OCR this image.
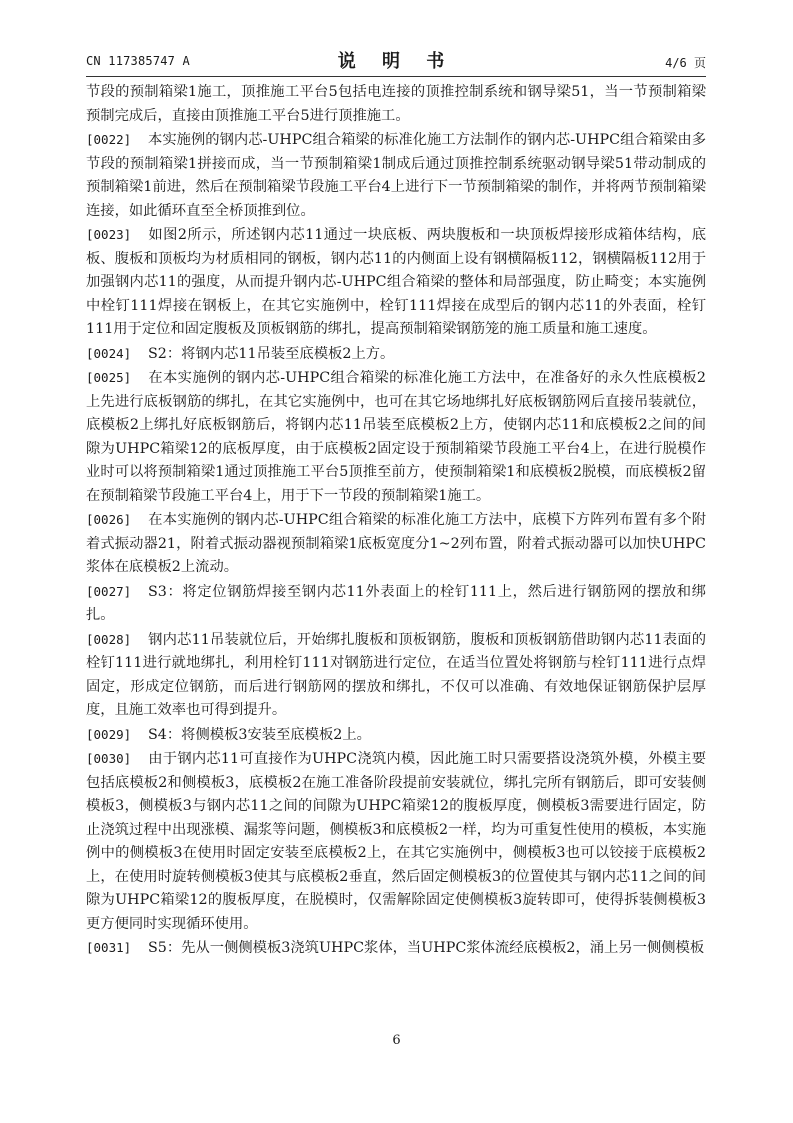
CN 117385747 A	说 明 书	4/6 页

节段的预制箱梁1施工，顶推施工平台5包括电连接的顶推控制系统和钢导梁51，当一节预制箱梁预制完成后，直接由顶推施工平台5进行顶推施工。

[0022] 本实施例的钢内芯-UHPC组合箱梁的标准化施工方法制作的钢内芯-UHPC组合箱梁由多节段的预制箱梁1拼接而成，当一节预制箱梁1制成后通过顶推控制系统驱动钢导梁51带动制成的预制箱梁1前进，然后在预制箱梁节段施工平台4上进行下一节预制箱梁的制作，并将两节预制箱梁连接，如此循环直至全桥顶推到位。

[0023] 如图2所示，所述钢内芯11通过一块底板、两块腹板和一块顶板焊接形成箱体结构，底板、腹板和顶板均为材质相同的钢板，钢内芯11的内侧面上设有钢横隔板112，钢横隔板112用于加强钢内芯11的强度，从而提升钢内芯-UHPC组合箱梁的整体和局部强度，防止畸变；本实施例中栓钉111焊接在钢板上，在其它实施例中，栓钉111焊接在成型后的钢内芯11的外表面，栓钉111用于定位和固定腹板及顶板钢筋的绑扎，提高预制箱梁钢筋笼的施工质量和施工速度。

[0024] S2：将钢内芯11吊装至底模板2上方。

[0025] 在本实施例的钢内芯-UHPC组合箱梁的标准化施工方法中，在准备好的永久性底模板2上先进行底板钢筋的绑扎，在其它实施例中，也可在其它场地绑扎好底板钢筋网后直接吊装就位，底模板2上绑扎好底板钢筋后，将钢内芯11吊装至底模板2上方，使钢内芯11和底模板2之间的间隙为UHPC箱梁12的底板厚度，由于底模板2固定设于预制箱梁节段施工平台4上，在进行脱模作业时可以将预制箱梁1通过顶推施工平台5顶推至前方，使预制箱梁1和底模板2脱模，而底模板2留在预制箱梁节段施工平台4上，用于下一节段的预制箱梁1施工。

[0026] 在本实施例的钢内芯-UHPC组合箱梁的标准化施工方法中，底模下方阵列布置有多个附着式振动器21，附着式振动器视预制箱梁1底板宽度分1~2列布置，附着式振动器可以加快UHPC浆体在底模板2上流动。

[0027] S3：将定位钢筋焊接至钢内芯11外表面上的栓钉111上，然后进行钢筋网的摆放和绑扎。

[0028] 钢内芯11吊装就位后，开始绑扎腹板和顶板钢筋，腹板和顶板钢筋借助钢内芯11表面的栓钉111进行就地绑扎，利用栓钉111对钢筋进行定位，在适当位置处将钢筋与栓钉111进行点焊固定，形成定位钢筋，而后进行钢筋网的摆放和绑扎，不仅可以准确、有效地保证钢筋保护层厚度，且施工效率也可得到提升。

[0029] S4：将侧模板3安装至底模板2上。

[0030] 由于钢内芯11可直接作为UHPC浇筑内模，因此施工时只需要搭设浇筑外模，外模主要包括底模板2和侧模板3，底模板2在施工准备阶段提前安装就位，绑扎完所有钢筋后，即可安装侧模板3，侧模板3与钢内芯11之间的间隙为UHPC箱梁12的腹板厚度，侧模板3需要进行固定，防止浇筑过程中出现涨模、漏浆等问题，侧模板3和底模板2一样，均为可重复性使用的模板，本实施例中的侧模板3在使用时固定安装至底模板2上，在其它实施例中，侧模板3也可以铰接于底模板2上，在使用时旋转侧模板3使其与底模板2垂直，然后固定侧模板3的位置使其与钢内芯11之间的间隙为UHPC箱梁12的腹板厚度，在脱模时，仅需解除固定使侧模板3旋转即可，使得拆装侧模板3更方便同时实现循环使用。

[0031] S5：先从一侧侧模板3浇筑UHPC浆体，当UHPC浆体流经底模板2，涌上另一侧侧模板

6
